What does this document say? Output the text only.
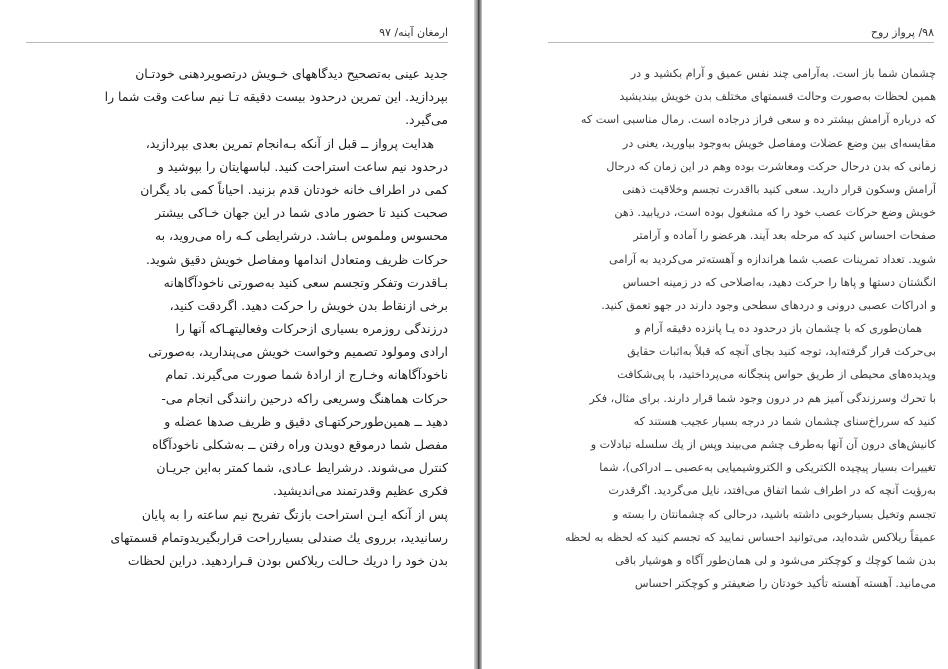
ارمغان آینه/ ۹۷
جدید عینی به‌تصحیح دیدگاههای خـویش درتصویردهنی خودتـان
بپردازید. این تمرین درحدود بیست دقیقه تـا نیم ساعت وقت شما را
می‌گیرد.
هدایت پرواز ــ قبل از آنکه بـه‌انجام تمرین بعدی بپردازید،
درحدود نیم ساعت استراحت کنید. لباسهایتان را بپوشید و
کمی در اطراف خانه خودتان قدم بزنید. احیاناً کمی باد یگران
صحبت کنید تا حضور مادی شما در این جهان خـاکی بیشتر
محسوس وملموس بـاشد. درشرایطی کـه راه می‌روید، به
حرکات ظریف ومتعادل اندامها ومفاصل خویش دقیق شوید.
بـاقدرت وتفکر وتجسم سعی کنید به‌صورتی ناخودآگاهانه
برخی ازنقاط بدن خویش را حرکت دهید. اگردقت کنید،
درزندگی روزمره بسیاری ازحرکات وفعالیتهـاکه آنها را
ارادی ومولود تصمیم وخواست خویش می‌پندارید، به‌صورتی
ناخودآگاهانه وخـارج از ارادهٔ شما صورت می‌گیرند. تمام
حرکات هماهنگ وسریعی راکه درحین رانندگی انجام می-
دهید ــ همین‌طورحرکتهـای دقیق و ظریف صدها عضله و
مفصل شما درموقع دویدن وراه رفتن ــ به‌شکلی ناخودآگاه
کنترل می‌شوند. درشرایط عـادی، شما کمتر به‌این جریـان
فکری عظیم وقدرتمند می‌اندیشید.
پس از آنکه ایـن استراحت بازتگ تفریح نیم ساعته را به پایان
رسانیدید، برروی یك صندلی بسیارراحت قراربگیریدوتمام قسمتهای
بدن خود را دریك حـالت ریلاکس بودن قـراردهید. دراین لحظات
۹۸/ پرواز روح
چشمان شما باز است. به‌آرامی چند نفس عمیق و آرام بکشید و در
همین لحظات به‌صورت وحالت قسمتهای مختلف بدن خویش بیندیشید
که درباره آرامش بیشتر ده و سعی فراز درجاده است. رمال مناسبی است که
مقایسه‌ای بین وضع عضلات ومفاصل خویش به‌وجود بیاورید، یعنی در
زمانی که بدن درحال حرکت ومعاشرت بوده وهم در این زمان که درحال
آرامش وسکون قرار دارید. سعی کنید بااقدرت تجسم وخلاقیت ذهنی
خویش وضع حرکات عصب خود را که مشغول بوده است، دریابید. ذهن
صفحات احساس کنید که مرحله بعد آیند. هرعضو را آماده و آرامتر
شوید. تعداد تمرینات عصب شما هراندازه و آهسته‌تر می‌کردید به آرامی
انگشتان دستها و پاها را حرکت دهید، به‌اصلاحی که در زمینه احساس
و ادراکات عصبی درونی و دردهای سطحی وجود دارند در جهو تعمق کنید.
همان‌طوری که با چشمان باز درحدود ده یـا پانزده دقیقه آرام و
بی‌حرکت قرار گرفته‌اید، توجه کنید بجای آنچه که قبلاً به‌اثبات حقایق
وپدیده‌های محیطی از طریق حواس پنجگانه می‌پرداختید، با پی‌شکافت
با تحرك وسرزندگی آمیز هم در درون وجود شما قرار دارند. برای مثال، فکر
کنید که سرراخ‌سنای چشمان شما در درجه بسیار عجیب هستند که
کانیش‌های درون آن آنها به‌طرف چشم می‌بیند وپس از یك سلسله تبادلات و
تغییرات بسیار پیچیده الکتریکی و الکتروشیمیایی به‌عصبی ــ ادراکی)، شما
به‌رؤیت آنچه که در اطراف شما اتفاق می‌افتد، نایل می‌گردید. اگرقدرت
تجسم وتخیل بسیارخوبی داشته باشید، درحالی که چشمانتان را بسته و
عمیقاً ریلاکس شده‌اید، می‌توانید احساس نمایید که تجسم کنید که لحظه به لحظه
بدن شما کوچك و کوچکتر می‌شود و لی همان‌طور آگاه و هوشیار باقی
می‌مانید. آهسته آهسته تأکید خودتان را ضعیفتر و کوچکتر احساس
